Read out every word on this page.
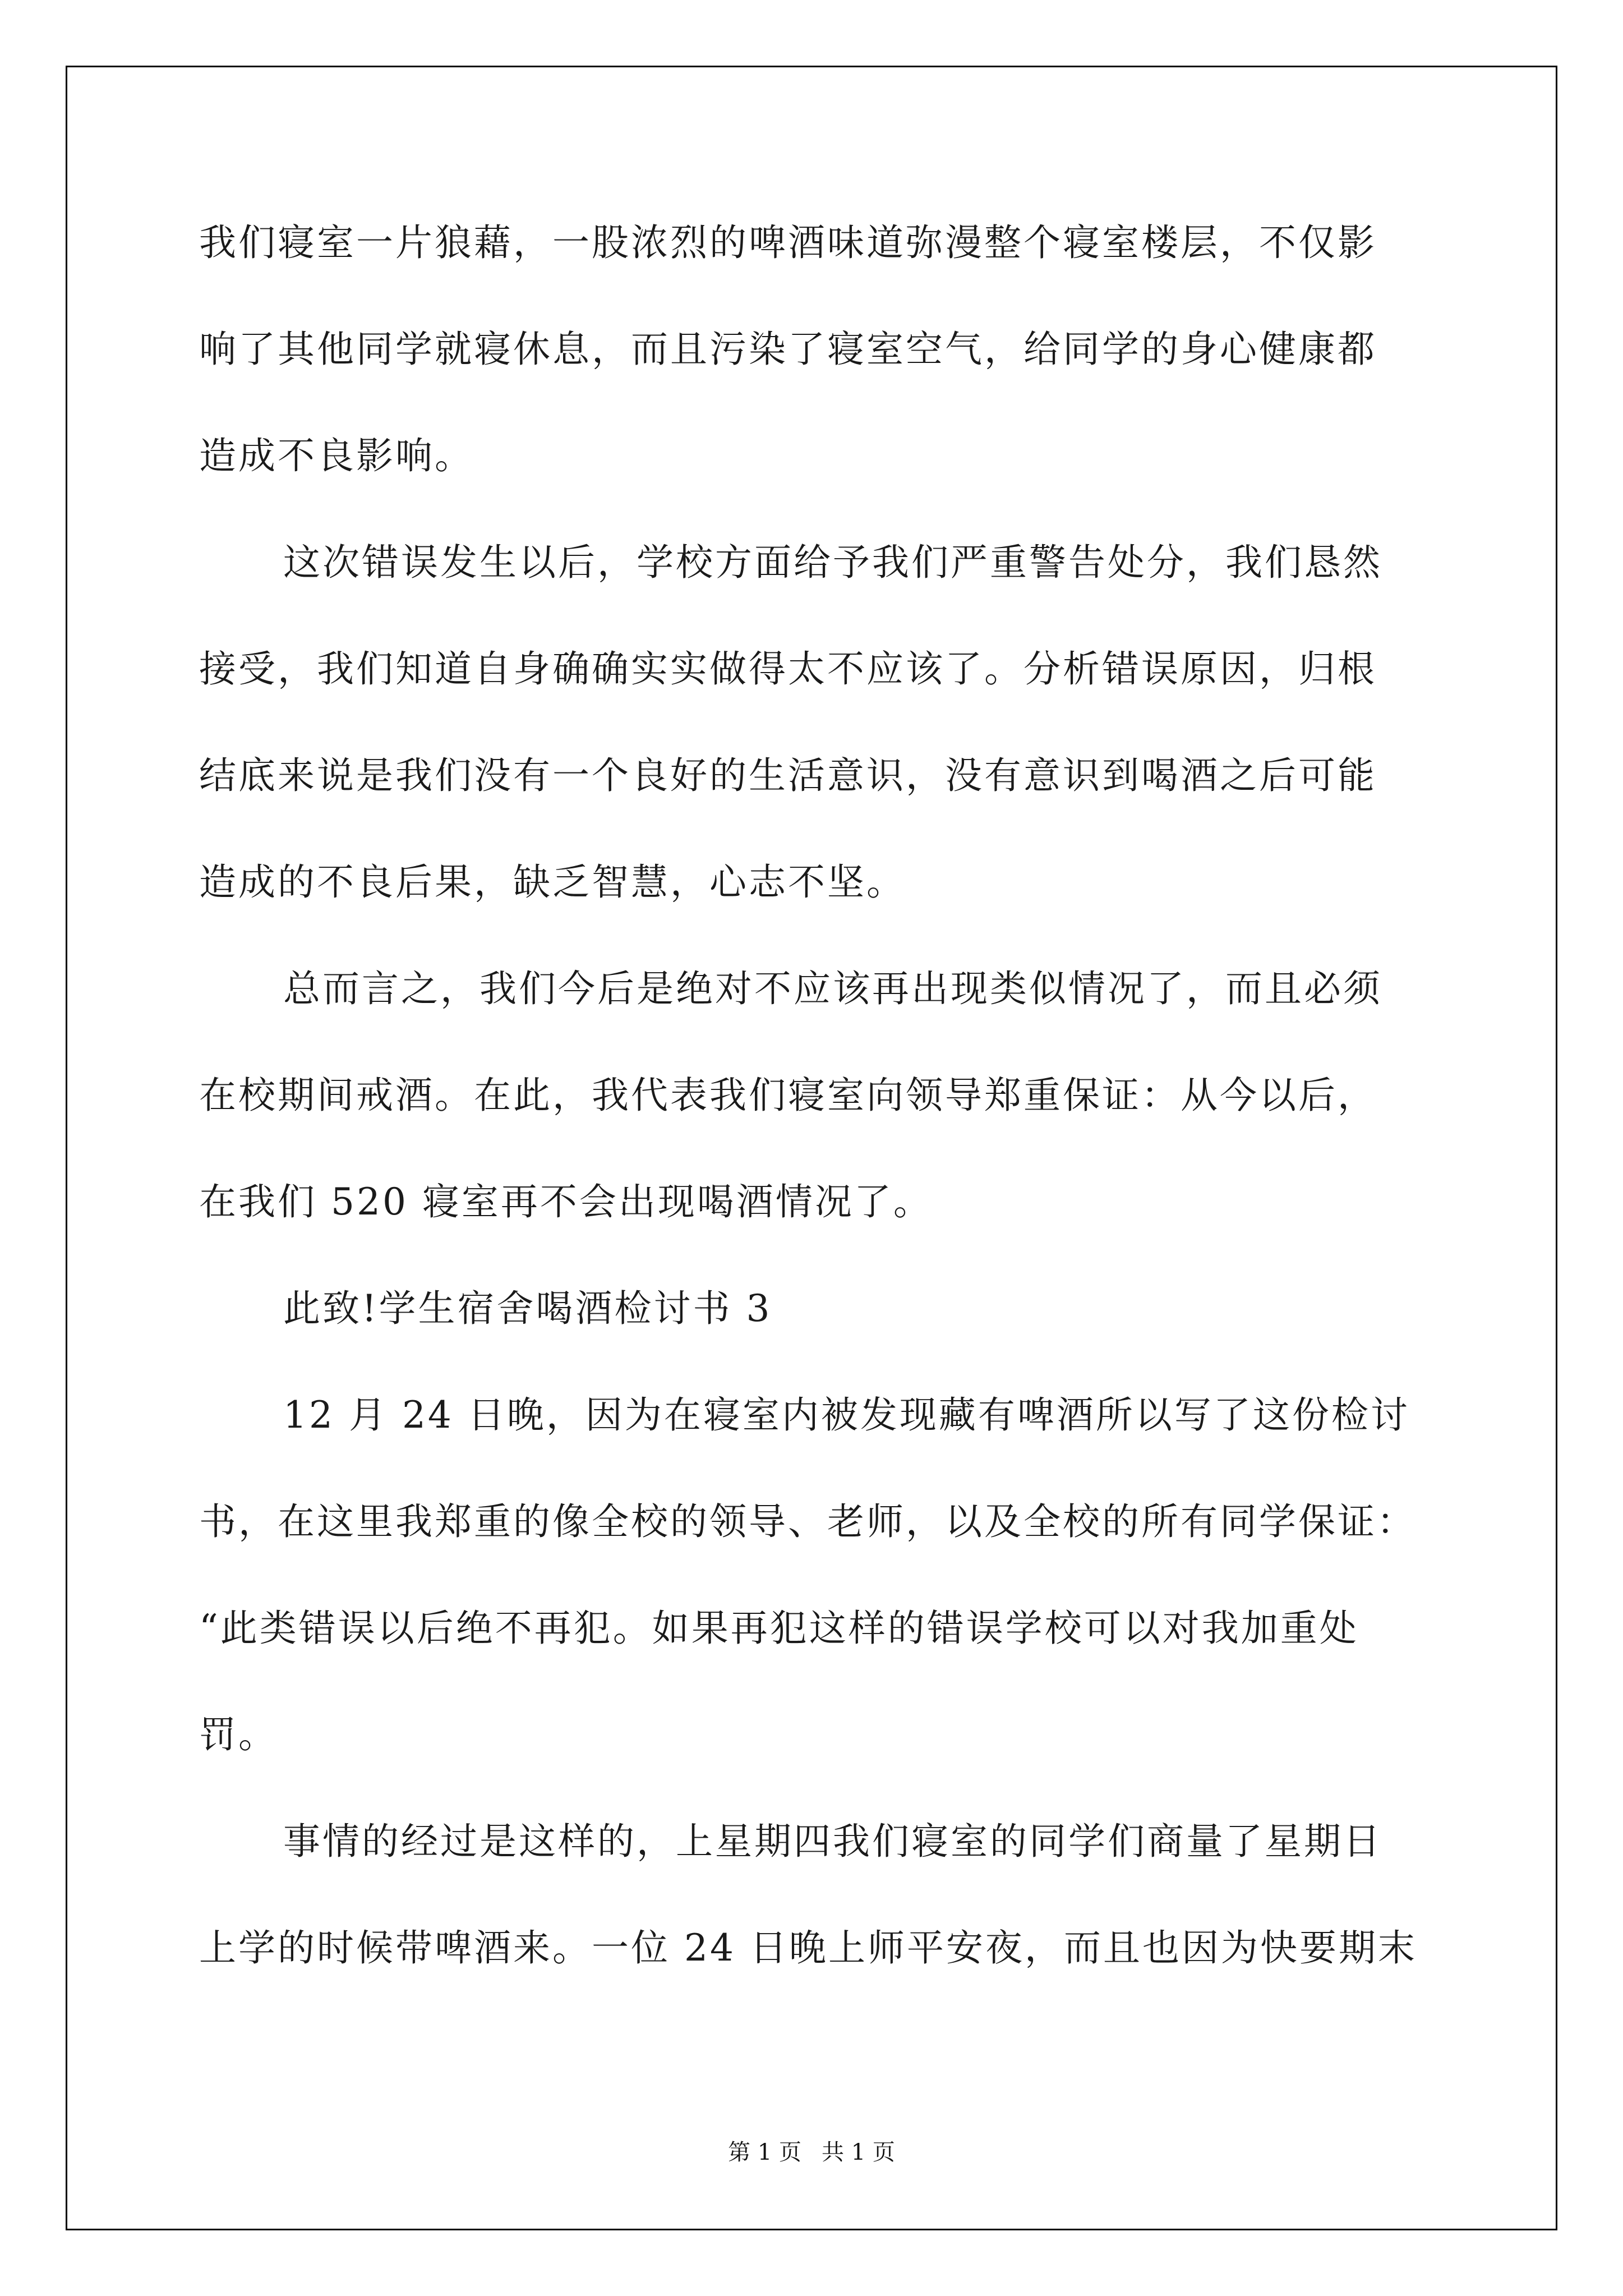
我们寝室一片狼藉，一股浓烈的啤酒味道弥漫整个寝室楼层，不仅影
响了其他同学就寝休息，而且污染了寝室空气，给同学的身心健康都
造成不良影响。
这次错误发生以后，学校方面给予我们严重警告处分，我们恳然
接受，我们知道自身确确实实做得太不应该了。分析错误原因，归根
结底来说是我们没有一个良好的生活意识，没有意识到喝酒之后可能
造成的不良后果，缺乏智慧，心志不坚。
总而言之，我们今后是绝对不应该再出现类似情况了，而且必须
在校期间戒酒。在此，我代表我们寝室向领导郑重保证：从今以后，
在我们 520 寝室再不会出现喝酒情况了。
此致!学生宿舍喝酒检讨书 3
12 月 24 日晚，因为在寝室内被发现藏有啤酒所以写了这份检讨
书，在这里我郑重的像全校的领导、老师，以及全校的所有同学保证：
“此类错误以后绝不再犯。如果再犯这样的错误学校可以对我加重处
罚。
事情的经过是这样的，上星期四我们寝室的同学们商量了星期日
上学的时候带啤酒来。一位 24 日晚上师平安夜，而且也因为快要期末
第 1 页 共 1 页
